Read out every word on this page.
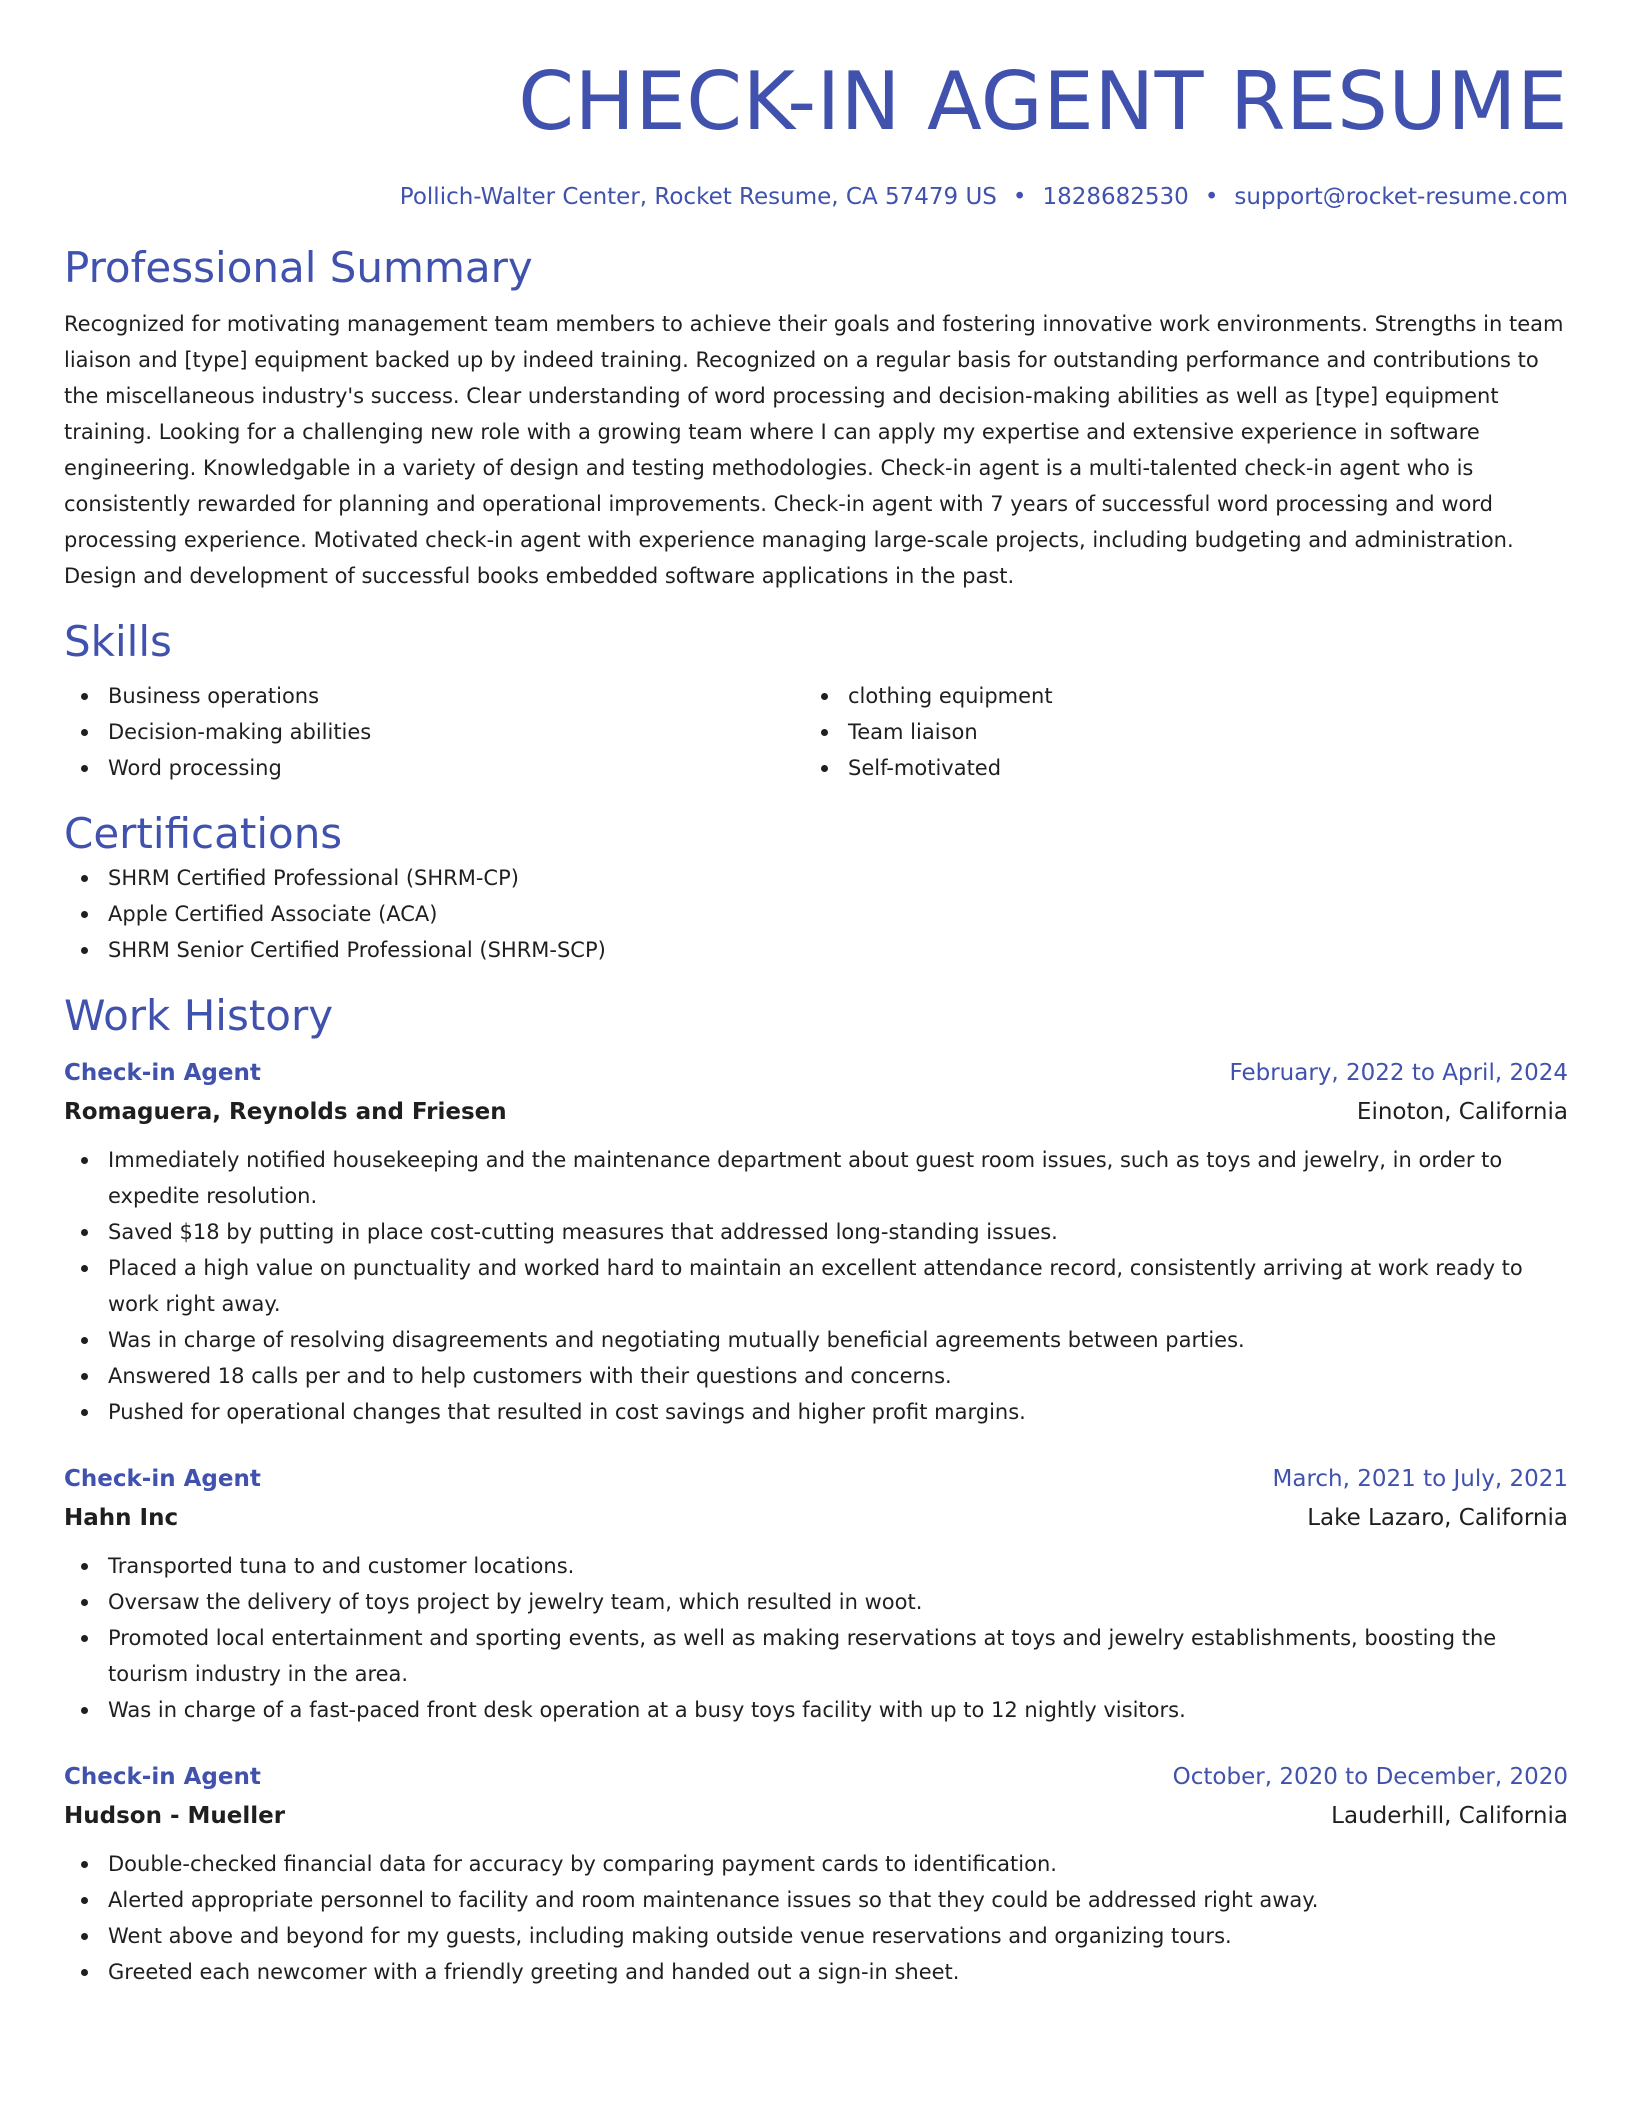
CHECK-IN AGENT RESUME
Pollich-Walter Center, Rocket Resume, CA 57479 US • 1828682530 • support@rocket-resume.com
Professional Summary

Recognized for motivating management team members to achieve their goals and fostering innovative work environments. Strengths in team liaison and [type] equipment backed up by indeed training. Recognized on a regular basis for outstanding performance and contributions to the miscellaneous industry's success. Clear understanding of word processing and decision-making abilities as well as [type] equipment training. Looking for a challenging new role with a growing team where I can apply my expertise and extensive experience in software engineering. Knowledgable in a variety of design and testing methodologies. Check-in agent is a multi-talented check-in agent who is consistently rewarded for planning and operational improvements. Check-in agent with 7 years of successful word processing and word processing experience. Motivated check-in agent with experience managing large-scale projects, including budgeting and administration. Design and development of successful books embedded software applications in the past.

Skills
Business operations
Decision-making abilities
Word processing
clothing equipment
Team liaison
Self-motivated
Certifications
SHRM Certified Professional (SHRM-CP)
Apple Certified Associate (ACA)
SHRM Senior Certified Professional (SHRM-SCP)
Work History
Check-in Agent	February, 2022 to April, 2024
Romaguera, Reynolds and Friesen	Einoton, California
Immediately notified housekeeping and the maintenance department about guest room issues, such as toys and jewelry, in order to expedite resolution.
Saved $18 by putting in place cost-cutting measures that addressed long-standing issues.
Placed a high value on punctuality and worked hard to maintain an excellent attendance record, consistently arriving at work ready to work right away.
Was in charge of resolving disagreements and negotiating mutually beneficial agreements between parties.
Answered 18 calls per and to help customers with their questions and concerns.
Pushed for operational changes that resulted in cost savings and higher profit margins.
Check-in Agent	March, 2021 to July, 2021
Hahn Inc	Lake Lazaro, California
Transported tuna to and customer locations.
Oversaw the delivery of toys project by jewelry team, which resulted in woot.
Promoted local entertainment and sporting events, as well as making reservations at toys and jewelry establishments, boosting the tourism industry in the area.
Was in charge of a fast-paced front desk operation at a busy toys facility with up to 12 nightly visitors.
Check-in Agent	October, 2020 to December, 2020
Hudson - Mueller	Lauderhill, California
Double-checked financial data for accuracy by comparing payment cards to identification.
Alerted appropriate personnel to facility and room maintenance issues so that they could be addressed right away.
Went above and beyond for my guests, including making outside venue reservations and organizing tours.
Greeted each newcomer with a friendly greeting and handed out a sign-in sheet.
